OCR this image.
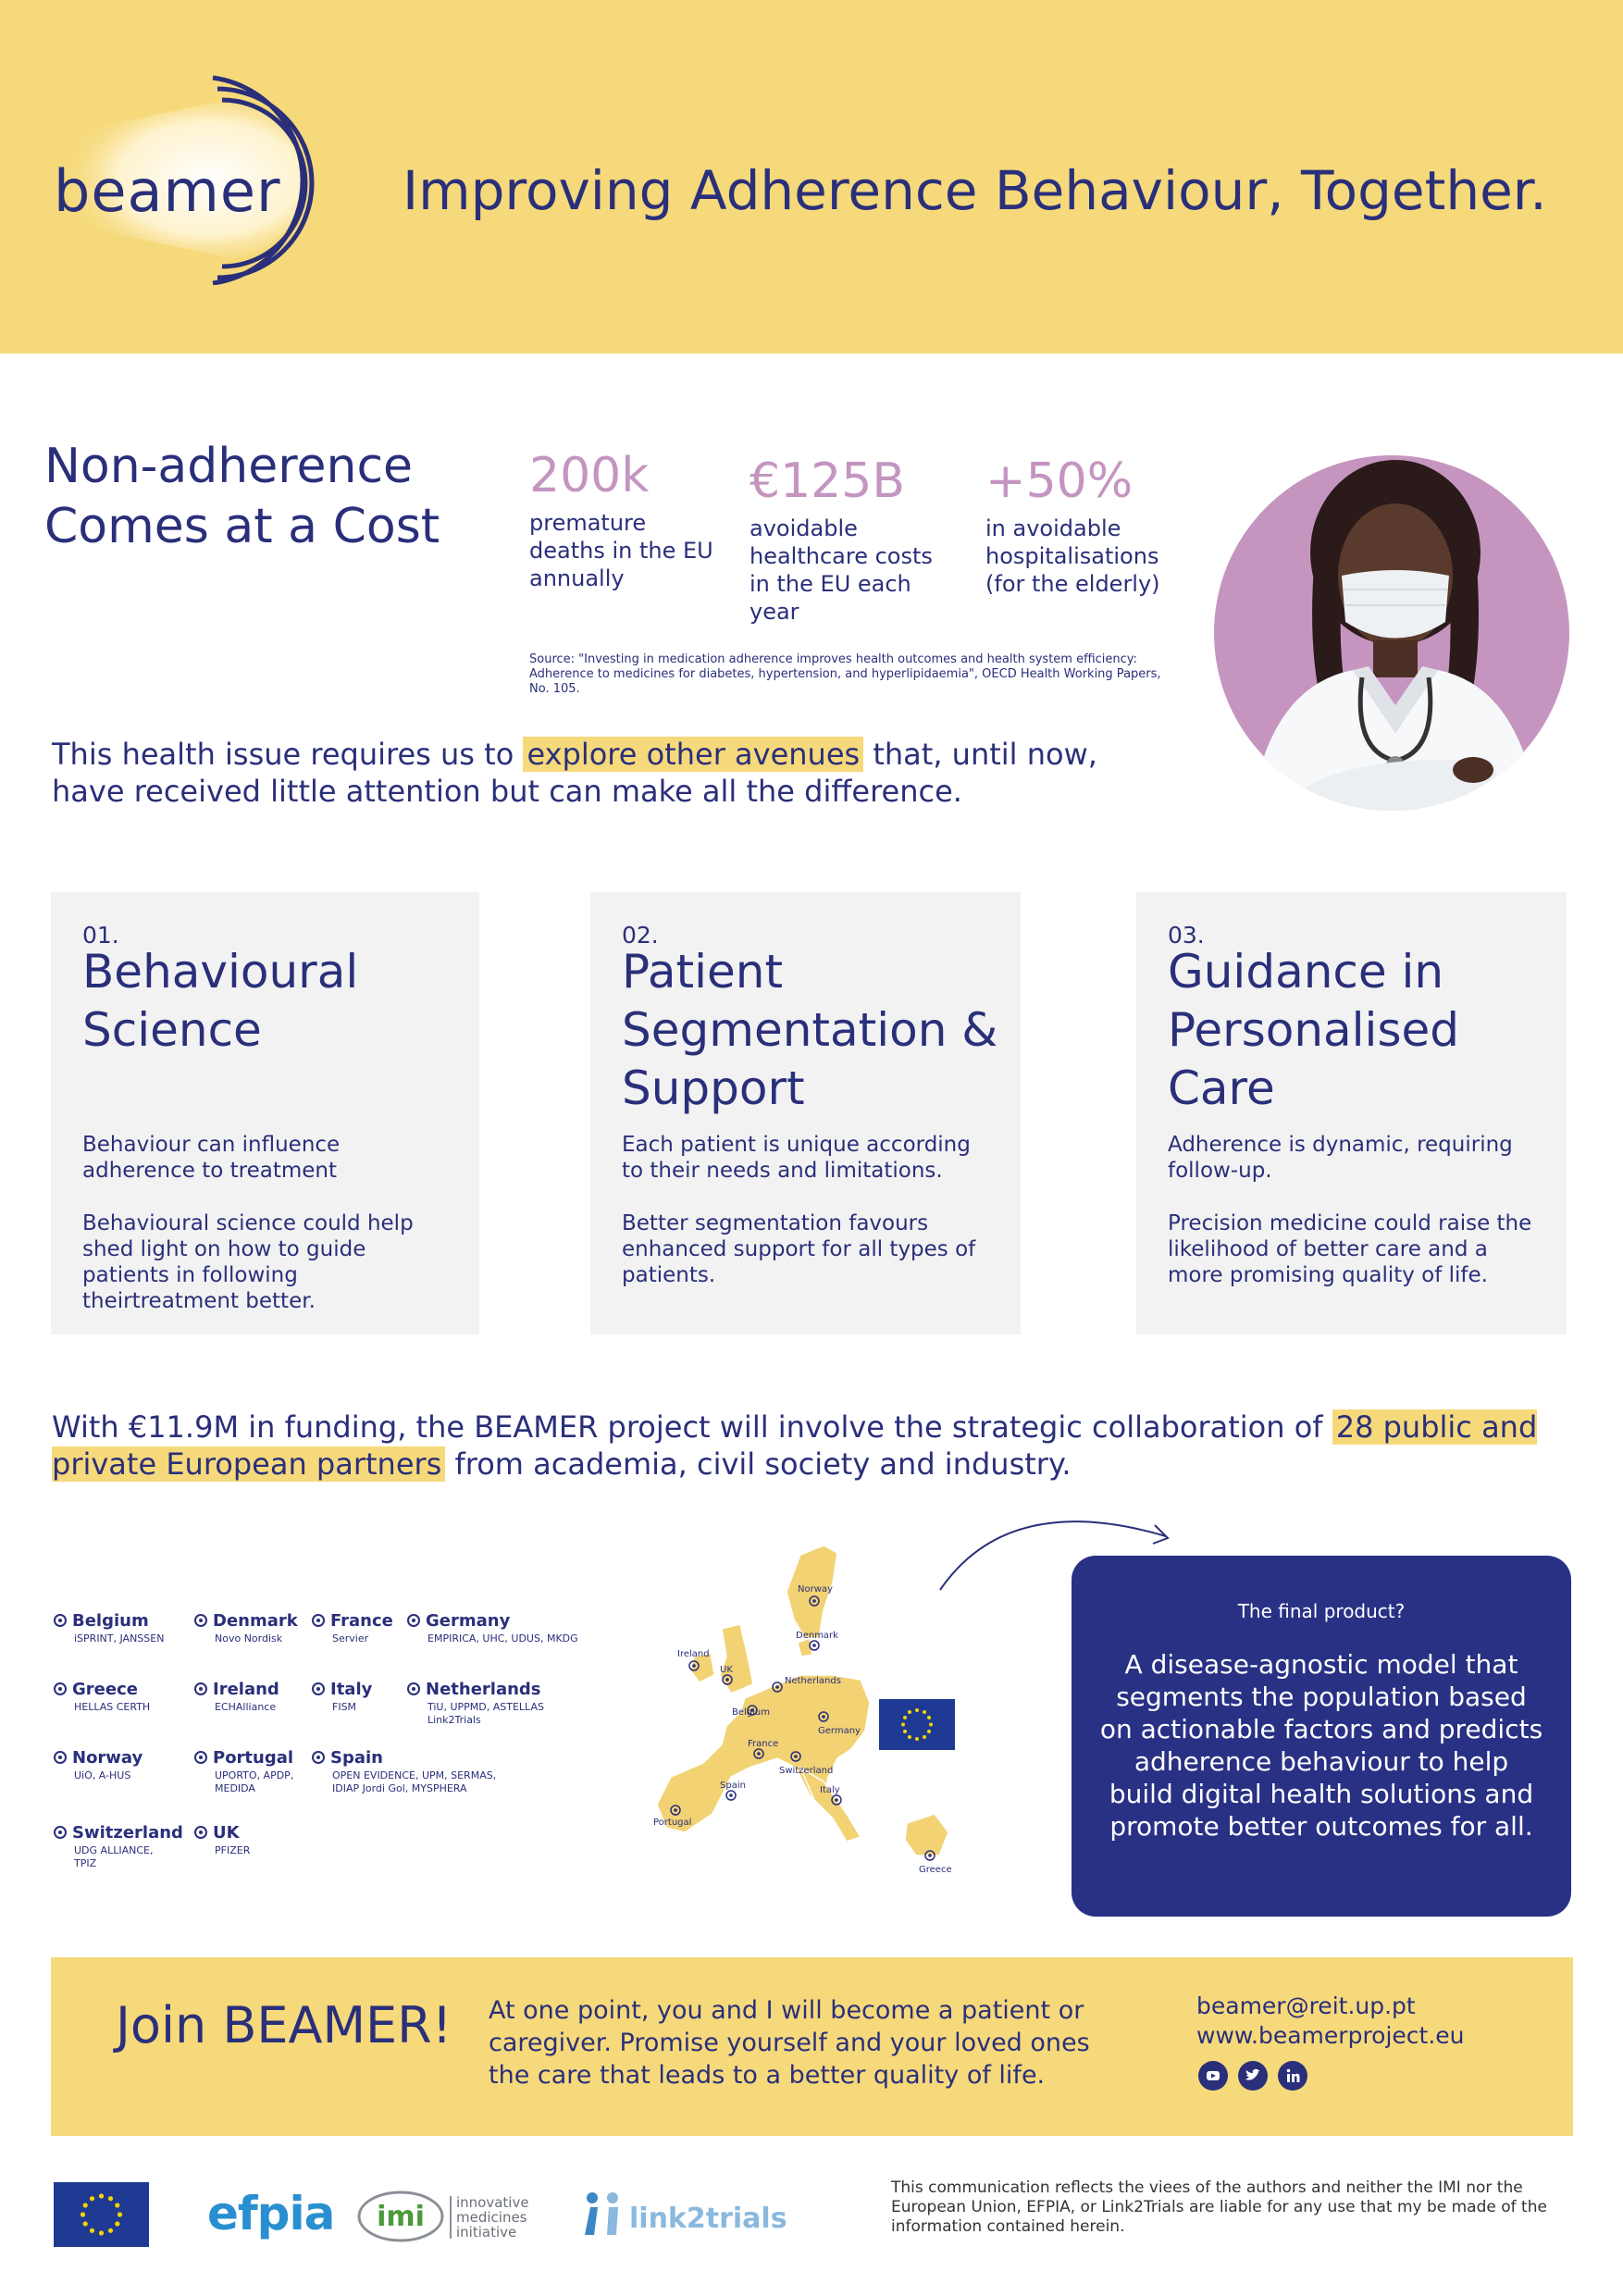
beamer Improving Adherence Behaviour, Together.
Non-adherence
Comes at a Cost
200k
premature deaths in the EU annually
€125B
avoidable healthcare costs in the EU each year
+50%
in avoidable hospitalisations (for the elderly)
Source: "Investing in medication adherence improves health outcomes and health system efficiency: Adherence to medicines for diabetes, hypertension, and hyperlipidaemia", OECD Health Working Papers, No. 105.
This health issue requires us to explore other avenues that, until now, have received little attention but can make all the difference.
01.
Behavioural Science
Behaviour can influence adherence to treatment
Behavioural science could help shed light on how to guide patients in following theirtreatment better.
02.
Patient Segmentation & Support
Each patient is unique according to their needs and limitations.
Better segmentation favours enhanced support for all types of patients.
03.
Guidance in Personalised Care
Adherence is dynamic, requiring follow-up.
Precision medicine could raise the likelihood of better care and a more promising quality of life.
With €11.9M in funding, the BEAMER project will involve the strategic collaboration of 28 public and private European partners from academia, civil society and industry.
Belgium
iSPRINT, JANSSEN
Denmark
Novo Nordisk
France
Servier
Germany
EMPIRICA, UHC, UDUS, MKDG
Greece
HELLAS CERTH
Ireland
ECHAlliance
Italy
FISM
Netherlands
TiU, UPPMD, ASTELLAS Link2Trials
Norway
UiO, A-HUS
Portugal
UPORTO, APDP, MEDIDA
Spain
OPEN EVIDENCE, UPM, SERMAS, IDIAP Jordi Gol, MYSPHERA
Switzerland
UDG ALLIANCE, TPIZ
UK
PFIZER
Norway
Denmark
Ireland
UK
Netherlands
Belgium
Germany
France
Switzerland
Italy
Spain
Portugal
Greece
The final product?
A disease-agnostic model that segments the population based on actionable factors and predicts adherence behaviour to help build digital health solutions and promote better outcomes for all.
Join BEAMER! At one point, you and I will become a patient or caregiver. Promise yourself and your loved ones the care that leads to a better quality of life.
beamer@reit.up.pt
www.beamerproject.eu
efpia imi innovative
medicines
initiative	link2trials
This communication reflects the viees of the authors and neither the IMI nor the European Union, EFPIA, or Link2Trials are liable for any use that my be made of the information contained herein.
